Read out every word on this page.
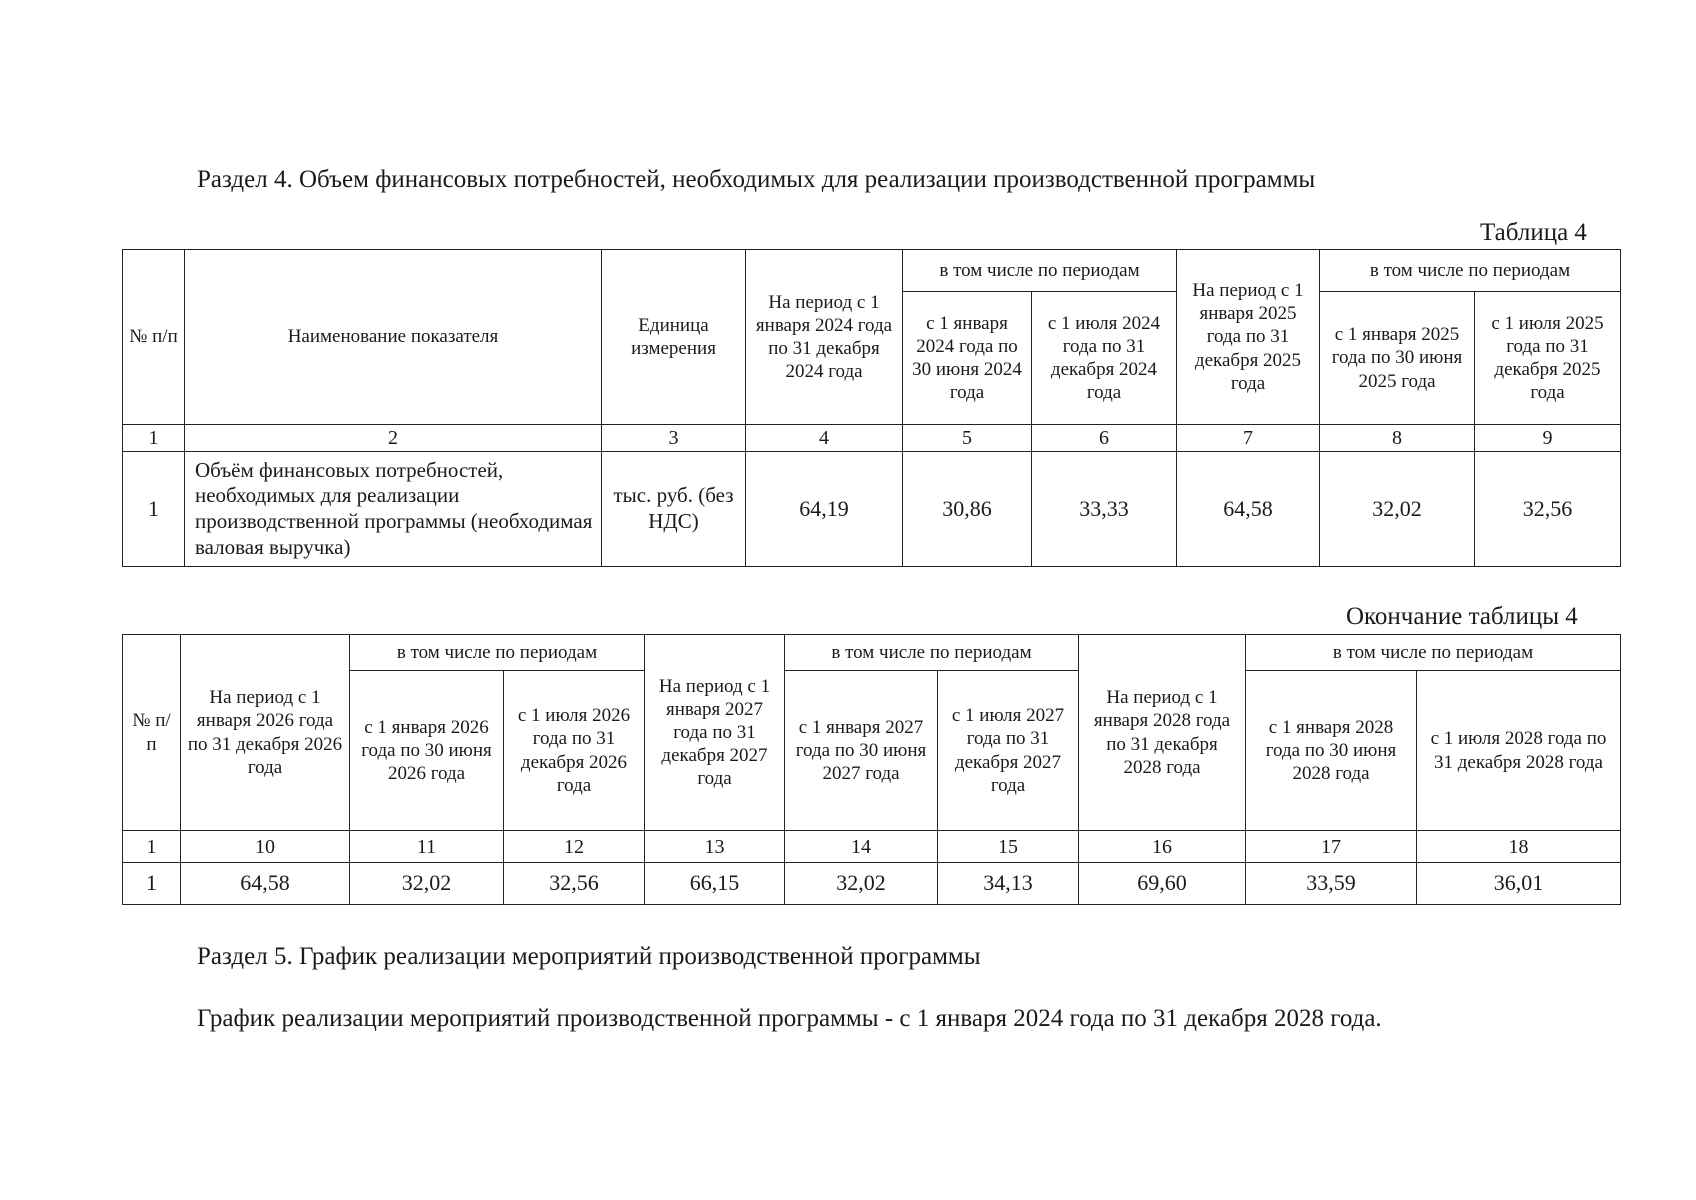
Раздел 4. Объем финансовых потребностей, необходимых для реализации производственной программы
Таблица 4
№ п/п	Наименование показателя	Единица измерения	На период с 1 января 2024 года по 31 декабря 2024 года	в том числе по периодам		На период с 1 января 2025 года по 31 декабря 2025 года	в том числе по периодам	
				с 1 января 2024 года по 30 июня 2024 года	с 1 июля 2024 года по 31 декабря 2024 года		с 1 января 2025 года по 30 июня 2025 года	с 1 июля 2025 года по 31 декабря 2025 года
1	2	3	4	5	6	7	8	9
1	Объём финансовых потребностей, необходимых для реализации производственной программы (необходимая валовая выручка)	тыс. руб. (без НДС)	64,19	30,86	33,33	64,58	32,02	32,56
Окончание таблицы 4
№ п/п	На период с 1 января 2026 года по 31 декабря 2026 года	в том числе по периодам		На период с 1 января 2027 года по 31 декабря 2027 года	в том числе по периодам		На период с 1 января 2028 года по 31 декабря 2028 года	в том числе по периодам	
		с 1 января 2026 года по 30 июня 2026 года	с 1 июля 2026 года по 31 декабря 2026 года		с 1 января 2027 года по 30 июня 2027 года	с 1 июля 2027 года по 31 декабря 2027 года		с 1 января 2028 года по 30 июня 2028 года	с 1 июля 2028 года по 31 декабря 2028 года
1	10	11	12	13	14	15	16	17	18
1	64,58	32,02	32,56	66,15	32,02	34,13	69,60	33,59	36,01
Раздел 5. График реализации мероприятий производственной программы
График реализации мероприятий производственной программы - с 1 января 2024 года по 31 декабря 2028 года.
